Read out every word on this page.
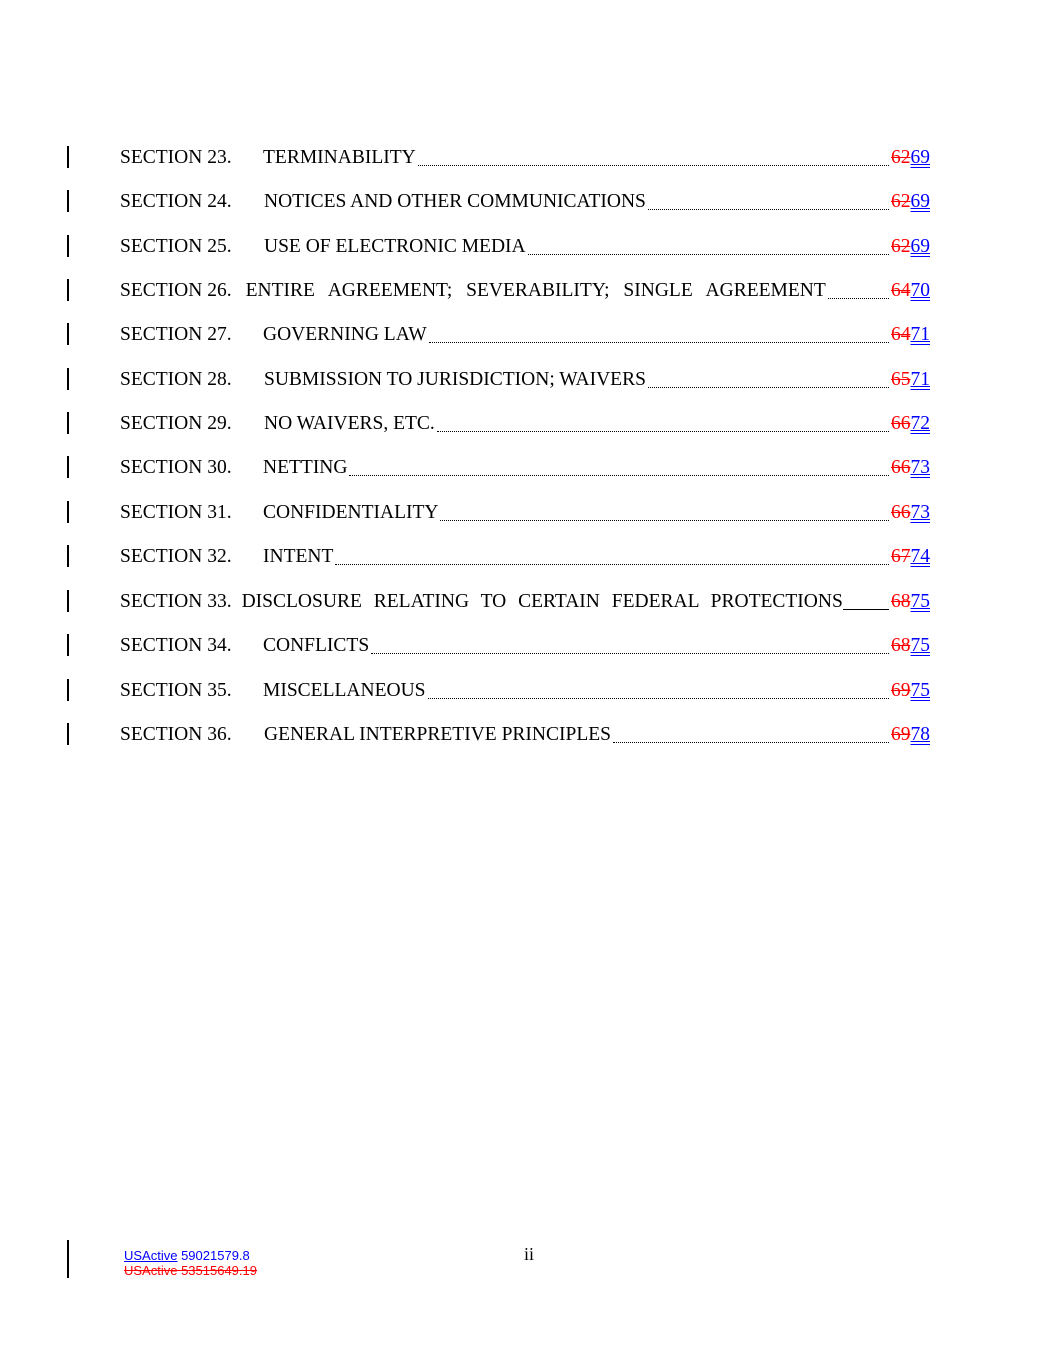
SECTION 23.	TERMINABILITY	6269
SECTION 24.	NOTICES AND OTHER COMMUNICATIONS	6269
SECTION 25.	USE OF ELECTRONIC MEDIA	6269
SECTION 26. ENTIRE AGREEMENT; SEVERABILITY; SINGLE AGREEMENT	6470
SECTION 27.	GOVERNING LAW	6471
SECTION 28.	SUBMISSION TO JURISDICTION; WAIVERS	6571
SECTION 29.	NO WAIVERS, ETC.	6672
SECTION 30.	NETTING	6673
SECTION 31.	CONFIDENTIALITY	6673
SECTION 32.	INTENT	6774
SECTION 33. DISCLOSURE RELATING TO CERTAIN FEDERAL PROTECTIONS 6875
SECTION 34.	CONFLICTS	6875
SECTION 35.	MISCELLANEOUS	6975
SECTION 36.	GENERAL INTERPRETIVE PRINCIPLES	6978
USActive 59021579.8
USActive 53515649.19
ii
